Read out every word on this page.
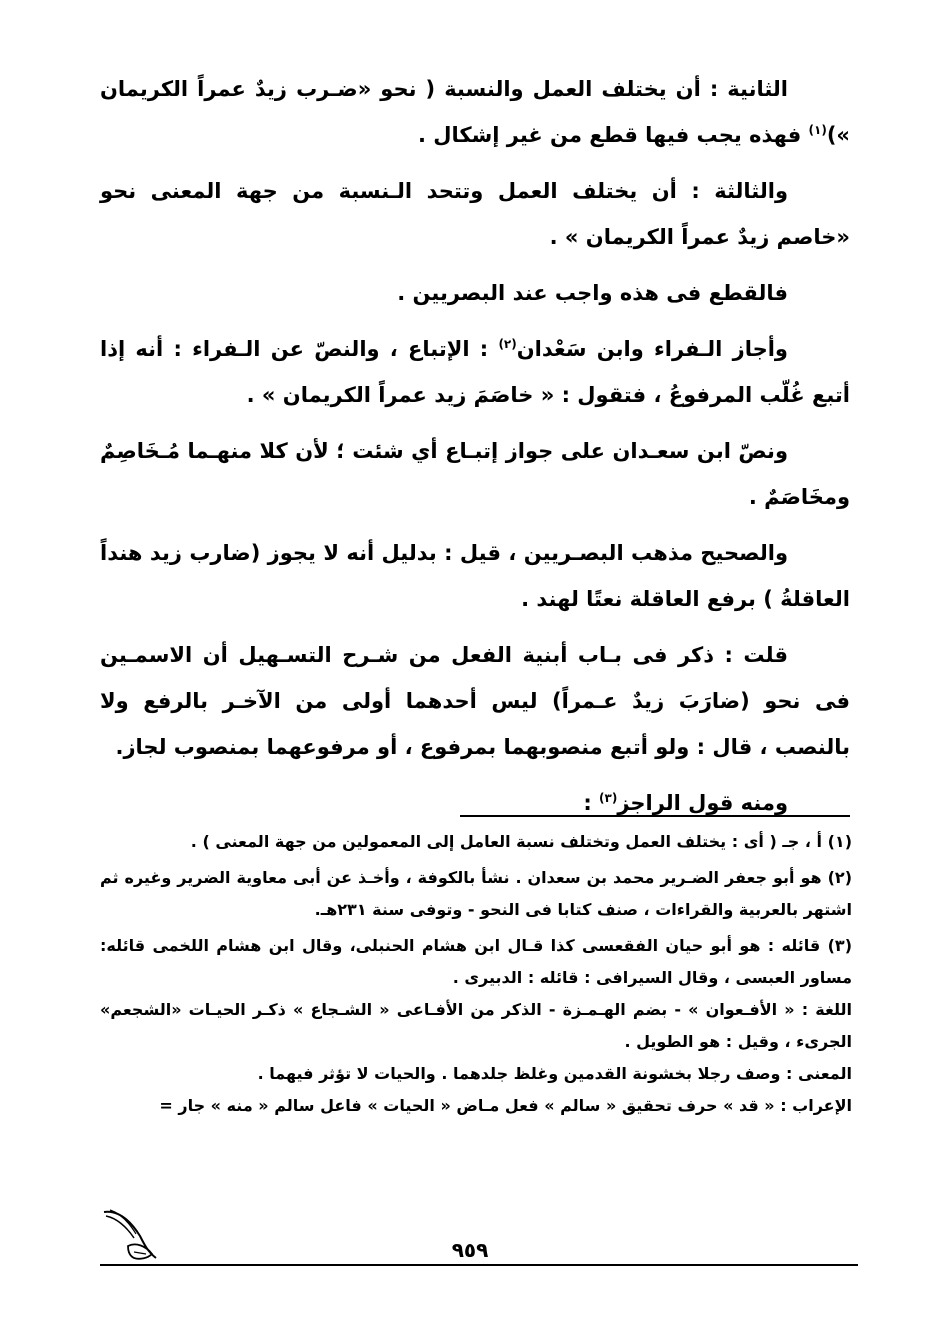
الثانية : أن يختلف العمل والنسبة ( نحو «ضـرب زيدٌ عمراً الكريمان »)$^{(١)}$ فهذه يجب فيها قطع من غير إشكال .

والثالثة : أن يختلف العمل وتتحد الـنسبة من جهة المعنى نحو «خاصم زيدٌ عمراً الكريمان » .

فالقطع فى هذه واجب عند البصريين .

وأجاز الـفراء وابن سَعْدان$^{(٢)}$ : الإتباع ، والنصّ عن الـفراء : أنه إذا أتبع غُلّب المرفوعُ ، فتقول : « خاصَمَ زيد عمراً الكريمان » .

ونصّ ابن سعـدان على جواز إتبـاع أي شئت ؛ لأن كلا منهـما مُـخَاصِمٌ ومخَاصَمٌ .

والصحيح مذهب البصـريين ، قيل : بدليل أنه لا يجوز (ضارب زيد هنداً العاقلةُ ) برفع العاقلة نعتًا لهند .

قلت : ذكر فى بـاب أبنية الفعل من شـرح التسـهيل أن الاسمـين فى نحو (ضارَبَ زيدٌ عـمراً) ليس أحدهما أولى من الآخـر بالرفع ولا بالنصب ، قال : ولو أتبع منصوبهما بمرفوع ، أو مرفوعهما بمنصوب لجاز.

ومنه قول الراجز$^{(٣)}$ :

(١) أ ، جـ ( أى : يختلف العمل وتختلف نسبة العامل إلى المعمولين من جهة المعنى ) .

(٢) هو أبو جعفر الضـرير محمد بن سعدان . نشأ بالكوفة ، وأخـذ عن أبى معاوية الضرير وغيره ثم اشتهر بالعربية والقراءات ، صنف كتابا فى النحو - وتوفى سنة ٢٣١هـ.

(٣) قائله : هو أبو حيان الفقعسى كذا قـال ابن هشام الحنبلى، وقال ابن هشام اللخمى قائله: مساور العبسى ، وقال السيرافى : قائله : الدبيرى .

اللغة : « الأفـعوان » - بضم الهـمـزة - الذكر من الأفـاعى « الشـجاع » ذكـر الحيـات «الشجعم» الجرىء ، وقيل : هو الطويل .

المعنى : وصف رجلا بخشونة القدمين وغلظ جلدهما . والحيات لا تؤثر فيهما .

الإعراب : « قد » حرف تحقيق « سالم » فعل مـاض « الحيات » فاعل سالم « منه » جار =

٩٥٩
